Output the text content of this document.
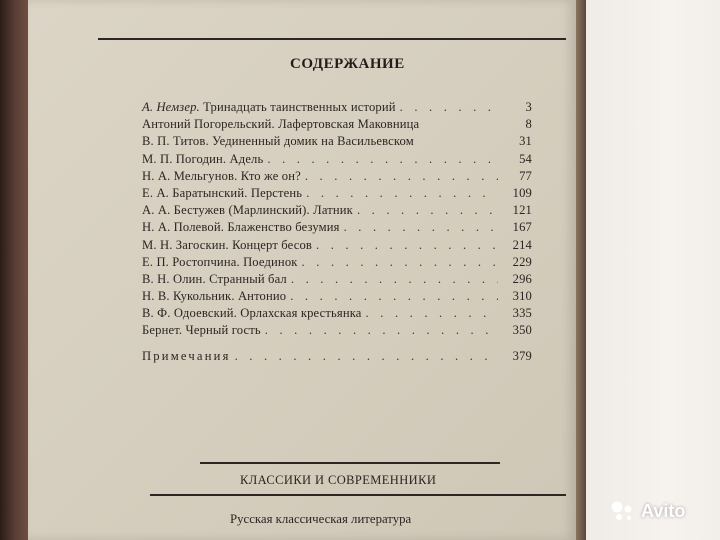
СОДЕРЖАНИЕ
А. Немзер. Тринадцать таинственных историй . . .	3
Антоний Погорельский. Лафертовская Маковница	8
В. П. Титов. Уединенный домик на Васильевском	31
М. П. Погодин. Адель . . .	54
Н. А. Мельгунов. Кто же он? . . .	77
Е. А. Баратынский. Перстень . . .	109
А. А. Бестужев (Марлинский). Латник . . .	121
Н. А. Полевой. Блаженство безумия . . .	167
М. Н. Загоскин. Концерт бесов . . .	214
Е. П. Ростопчина. Поединок . . .	229
В. Н. Олин. Странный бал . . .	296
Н. В. Кукольник. Антонио . . .	310
В. Ф. Одоевский. Орлахская крестьянка . . .	335
Бернет. Черный гость . . .	350
Примечания . . .	379
КЛАССИКИ И СОВРЕМЕННИКИ
Русская классическая литература	Avito
